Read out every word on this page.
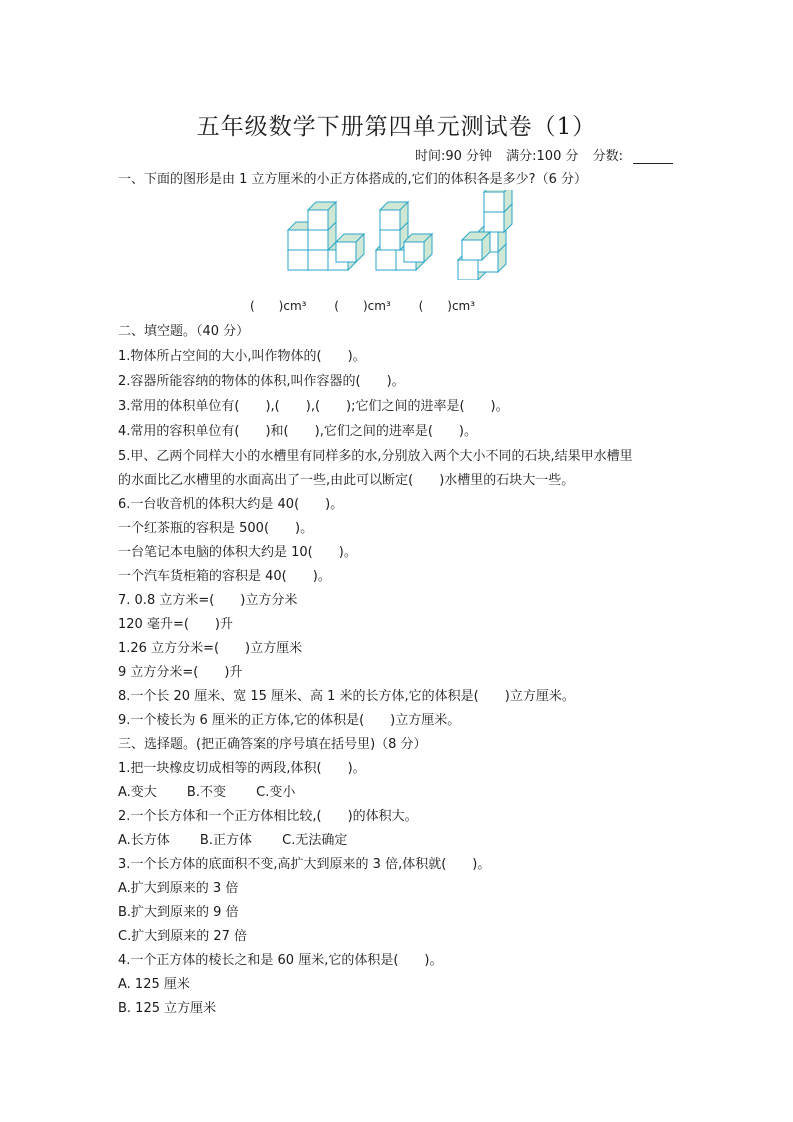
五年级数学下册第四单元测试卷（1）
时间:90 分钟 满分:100 分 分数:
一、下面的图形是由 1 立方厘米的小正方体搭成的,它们的体积各是多少?（6 分）
(　　)cm³ (　　)cm³ (　　)cm³
二、填空题。（40 分）
1.物体所占空间的大小,叫作物体的(　　)。
2.容器所能容纳的物体的体积,叫作容器的(　　)。
3.常用的体积单位有(　　),(　　),(　　);它们之间的进率是(　　)。
4.常用的容积单位有(　　)和(　　),它们之间的进率是(　　)。
5.甲、乙两个同样大小的水槽里有同样多的水,分别放入两个大小不同的石块,结果甲水槽里
的水面比乙水槽里的水面高出了一些,由此可以断定(　　)水槽里的石块大一些。
6.一台收音机的体积大约是 40(　　)。
一个红茶瓶的容积是 500(　　)。
一台笔记本电脑的体积大约是 10(　　)。
一个汽车货柜箱的容积是 40(　　)。
7. 0.8 立方米=(　　)立方分米
120 毫升=(　　)升
1.26 立方分米=(　　)立方厘米
9 立方分米=(　　)升
8.一个长 20 厘米、宽 15 厘米、高 1 米的长方体,它的体积是(　　)立方厘米。
9.一个棱长为 6 厘米的正方体,它的体积是(　　)立方厘米。
三、选择题。(把正确答案的序号填在括号里)（8 分）
1.把一块橡皮切成相等的两段,体积(　　)。
A.变大　　 B.不变　　 C.变小
2.一个长方体和一个正方体相比较,(　　)的体积大。
A.长方体　　 B.正方体　　 C.无法确定
3.一个长方体的底面积不变,高扩大到原来的 3 倍,体积就(　　)。
A.扩大到原来的 3 倍
B.扩大到原来的 9 倍
C.扩大到原来的 27 倍
4.一个正方体的棱长之和是 60 厘米,它的体积是(　　)。
A. 125 厘米
B. 125 立方厘米
